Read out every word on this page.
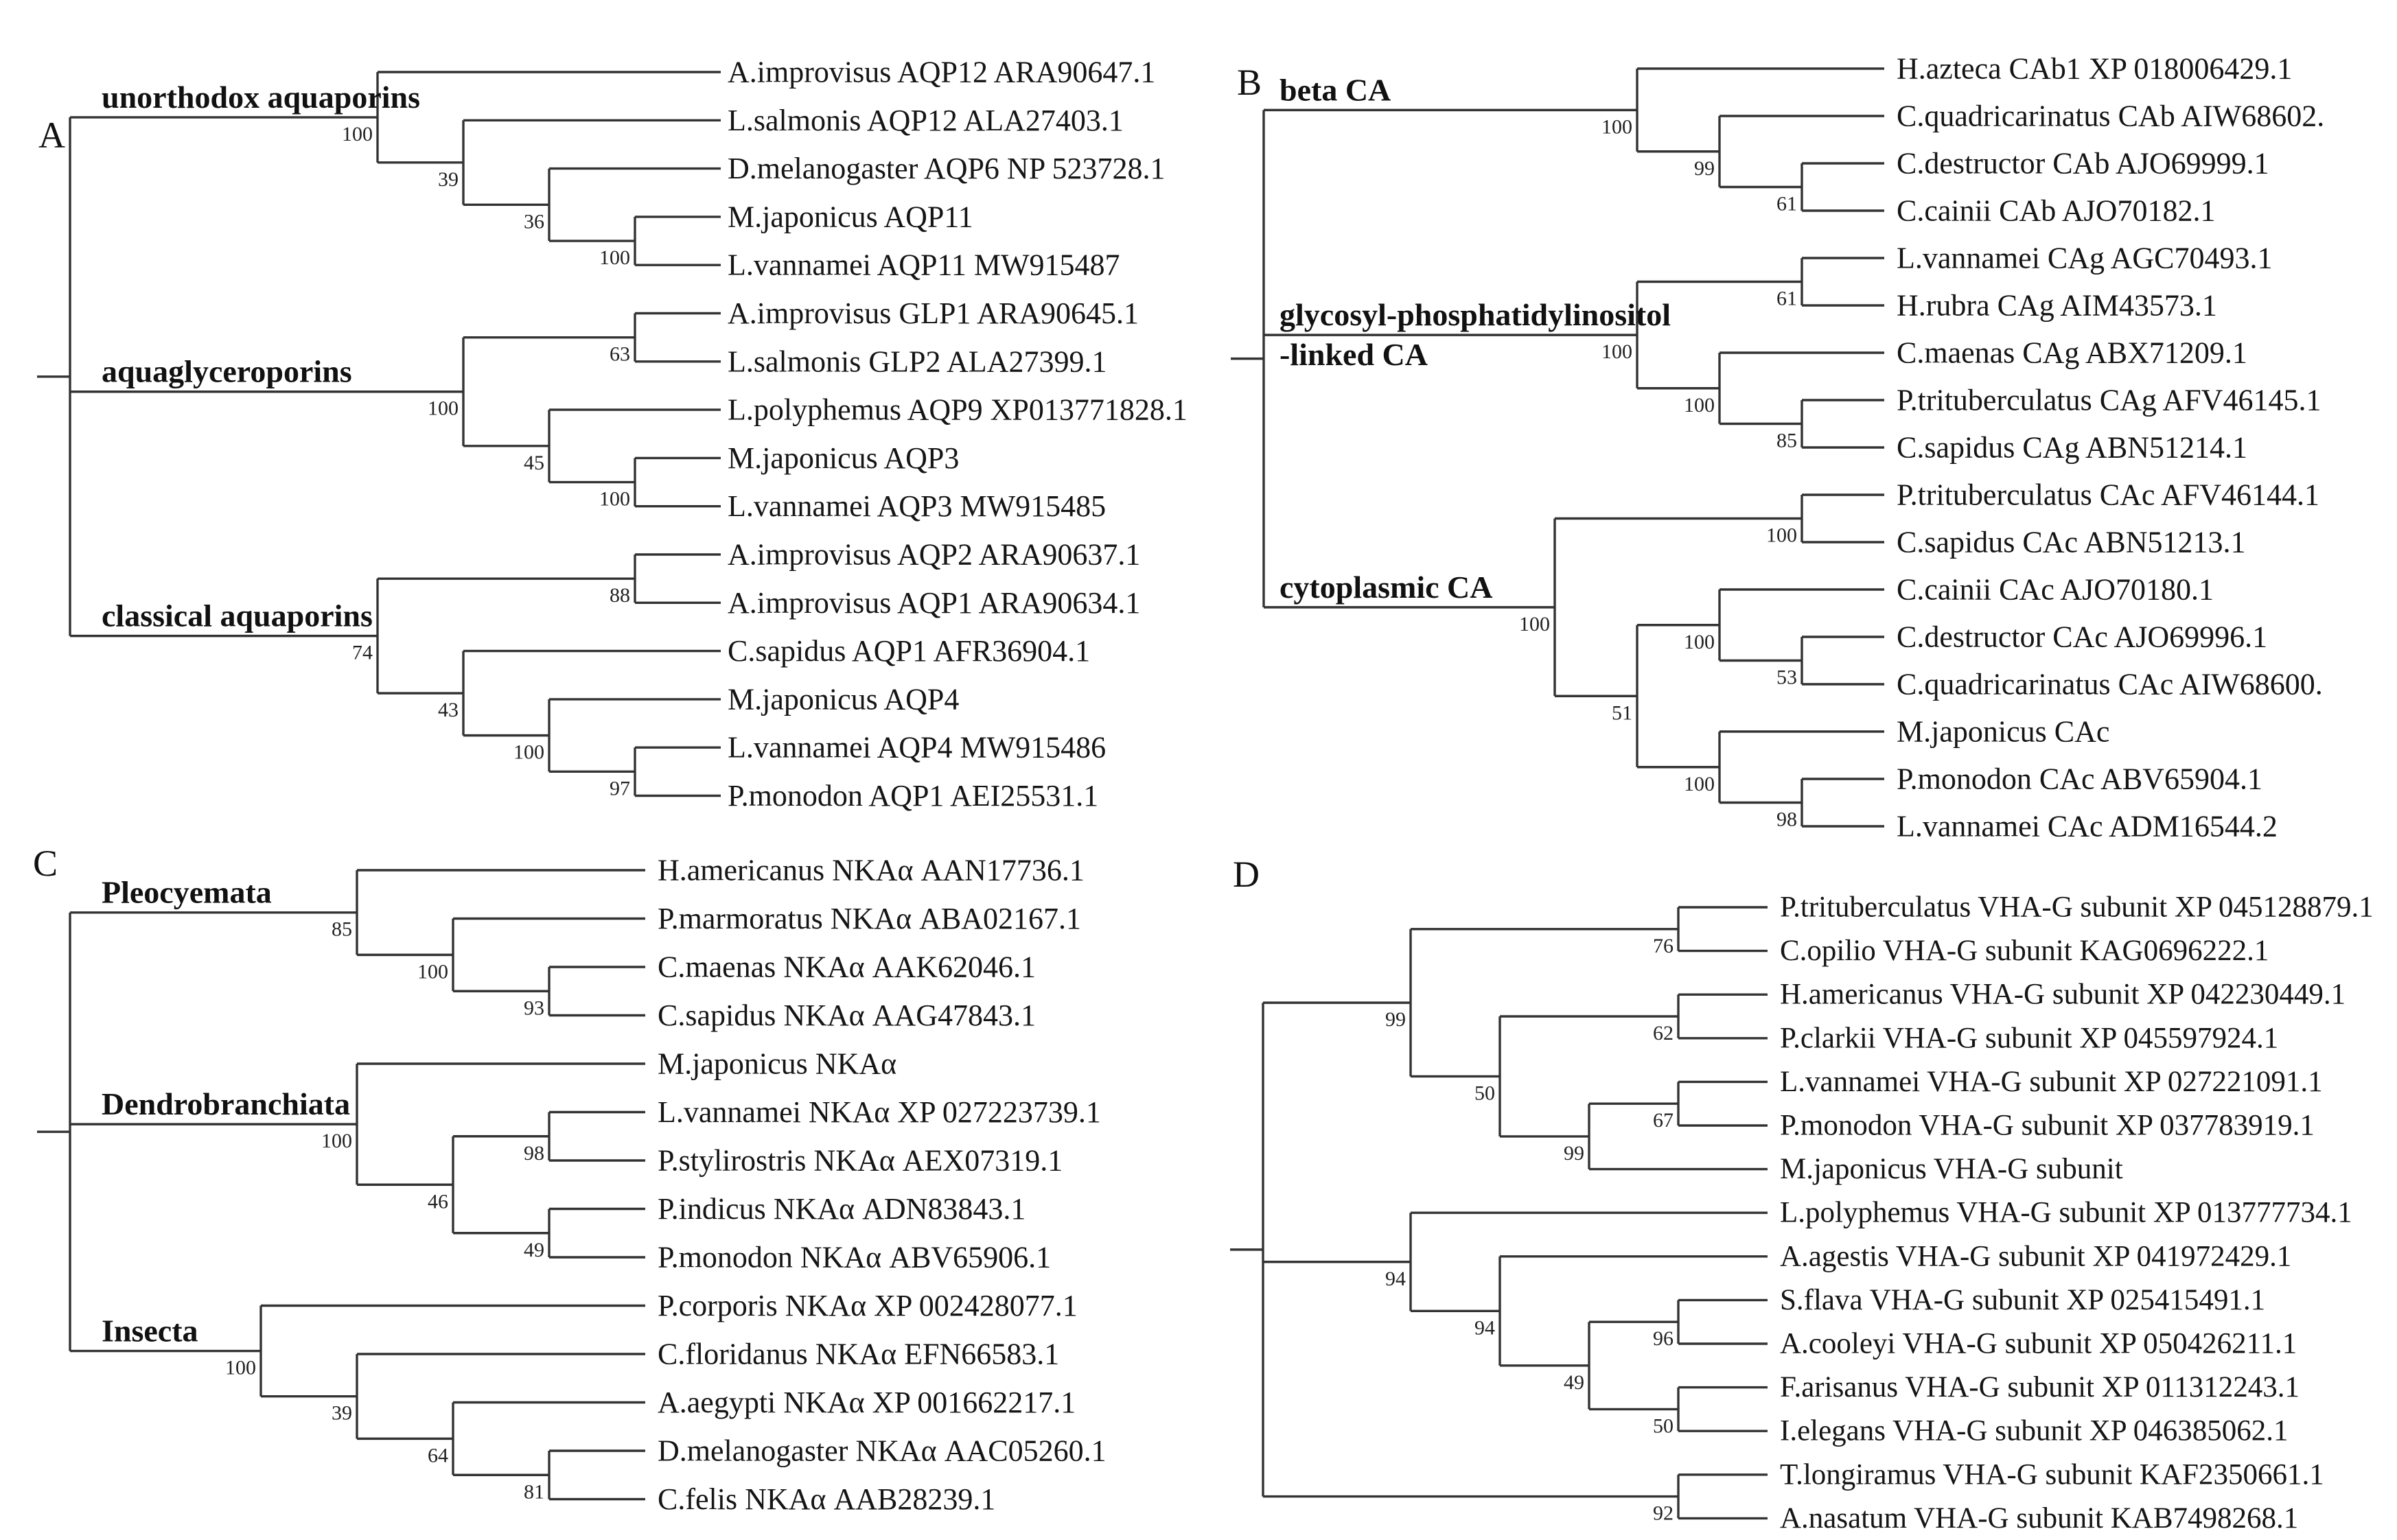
100
unorthodox aquaporins
A.improvisus AQP12 ARA90647.1
39
L.salmonis AQP12 ALA27403.1
36
D.melanogaster AQP6 NP 523728.1
100
M.japonicus AQP11
L.vannamei AQP11 MW915487
100
aquaglyceroporins	63
A.improvisus GLP1 ARA90645.1
L.salmonis GLP2 ALA27399.1
45
L.polyphemus AQP9 XP013771828.1
100
M.japonicus AQP3
L.vannamei AQP3 MW915485
74
classical aquaporins
88
A.improvisus AQP2 ARA90637.1
A.improvisus AQP1 ARA90634.1
43
C.sapidus AQP1 AFR36904.1
100
M.japonicus AQP4
97
L.vannamei AQP4 MW915486
P.monodon AQP1 AEI25531.1
100
beta CA
H.azteca CAb1 XP 018006429.1
99
C.quadricarinatus CAb AIW68602.
61
C.destructor CAb AJO69999.1
C.cainii CAb AJO70182.1
100
glycosyl-phosphatidylinositol
-linked CA
61
L.vannamei CAg AGC70493.1
H.rubra CAg AIM43573.1
100
C.maenas CAg ABX71209.1
85
P.trituberculatus CAg AFV46145.1
C.sapidus CAg ABN51214.1
100
cytoplasmic CA
100
P.trituberculatus CAc AFV46144.1
C.sapidus CAc ABN51213.1
51
100
C.cainii CAc AJO70180.1
53
C.destructor CAc AJO69996.1
C.quadricarinatus CAc AIW68600.
100
M.japonicus CAc
98
P.monodon CAc ABV65904.1
L.vannamei CAc ADM16544.2
85
Pleocyemata
H.americanus NKAα AAN17736.1
100
P.marmoratus NKAα ABA02167.1
93
C.maenas NKAα AAK62046.1
C.sapidus NKAα AAG47843.1
100
Dendrobranchiata
M.japonicus NKAα
46
98
L.vannamei NKAα XP 027223739.1
P.stylirostris NKAα AEX07319.1
49
P.indicus NKAα ADN83843.1
P.monodon NKAα ABV65906.1
100
Insecta
P.corporis NKAα XP 002428077.1
39
C.floridanus NKAα EFN66583.1
64
A.aegypti NKAα XP 001662217.1
81
D.melanogaster NKAα AAC05260.1
C.felis NKAα AAB28239.1
99
76
P.trituberculatus VHA-G subunit XP 045128879.1
C.opilio VHA-G subunit KAG0696222.1
50
62
H.americanus VHA-G subunit XP 042230449.1
P.clarkii VHA-G subunit XP 045597924.1
99
67
L.vannamei VHA-G subunit XP 027221091.1
P.monodon VHA-G subunit XP 037783919.1
M.japonicus VHA-G subunit
94
L.polyphemus VHA-G subunit XP 013777734.1
94
A.agestis VHA-G subunit XP 041972429.1
49
96
S.flava VHA-G subunit XP 025415491.1
A.cooleyi VHA-G subunit XP 050426211.1
50
F.arisanus VHA-G subunit XP 011312243.1
I.elegans VHA-G subunit XP 046385062.1
92
T.longiramus VHA-G subunit KAF2350661.1
A.nasatum VHA-G subunit KAB7498268.1
A
B
C	D
